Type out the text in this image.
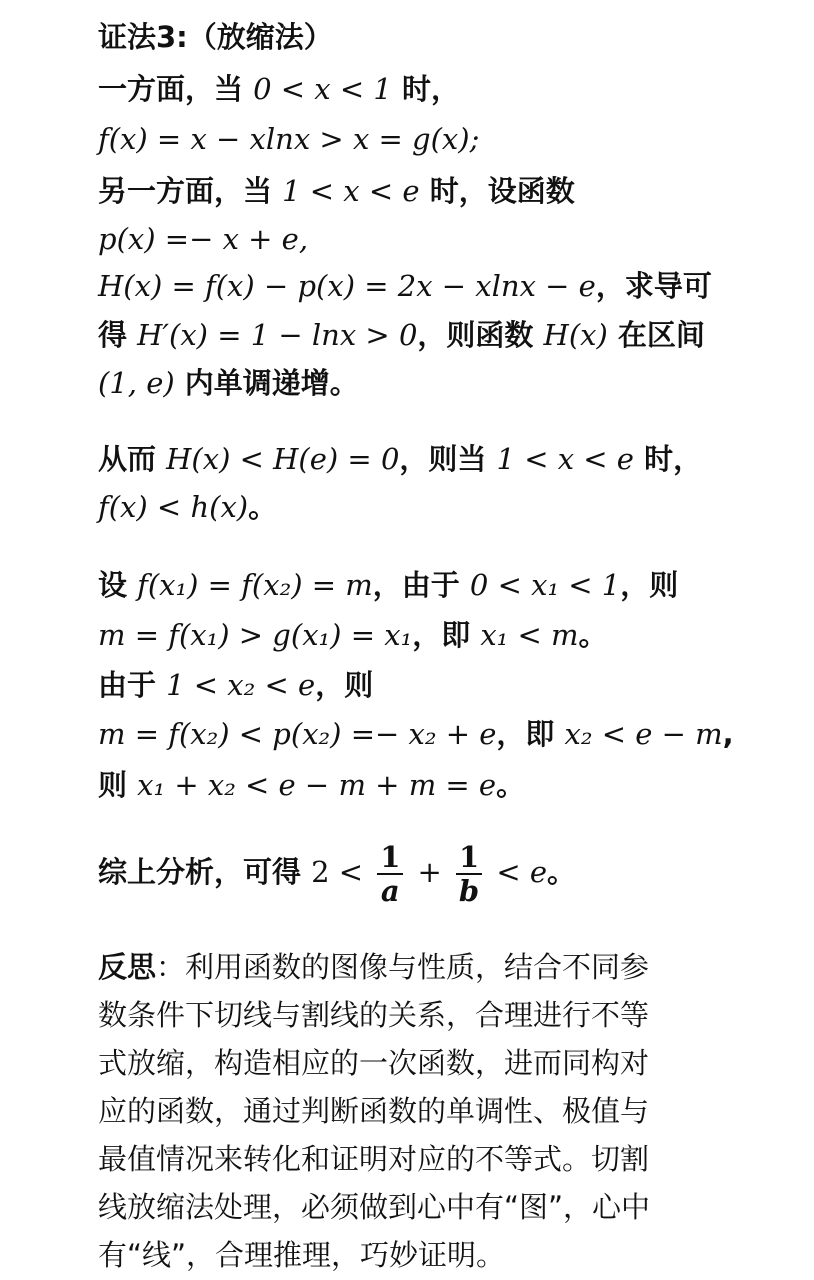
证法3:（放缩法）
一方面，当 0 < x < 1 时，
f(x) = x − xlnx > x = g(x);
另一方面，当 1 < x < e 时，设函数
p(x) =− x + e,
H(x) = f(x) − p(x) = 2x − xlnx − e，求导可
得 H′(x) = 1 − lnx > 0，则函数 H(x) 在区间
(1, e) 内单调递增。
从而 H(x) < H(e) = 0，则当 1 < x < e 时，
f(x) < h(x)。
设 f(x₁) = f(x₂) = m，由于 0 < x₁ < 1，则
m = f(x₁) > g(x₁) = x₁，即 x₁ < m。
由于 1 < x₂ < e，则
m = f(x₂) < p(x₂) =− x₂ + e，即 x₂ < e − m,
则 x₁ + x₂ < e − m + m = e。
综上分析，可得 $2 < \frac{1}{a} + \frac{1}{b} < e$。
反思：利用函数的图像与性质，结合不同参
数条件下切线与割线的关系，合理进行不等
式放缩，构造相应的一次函数，进而同构对
应的函数，通过判断函数的单调性、极值与
最值情况来转化和证明对应的不等式。切割
线放缩法处理，必须做到心中有“图”，心中
有“线”，合理推理，巧妙证明。
